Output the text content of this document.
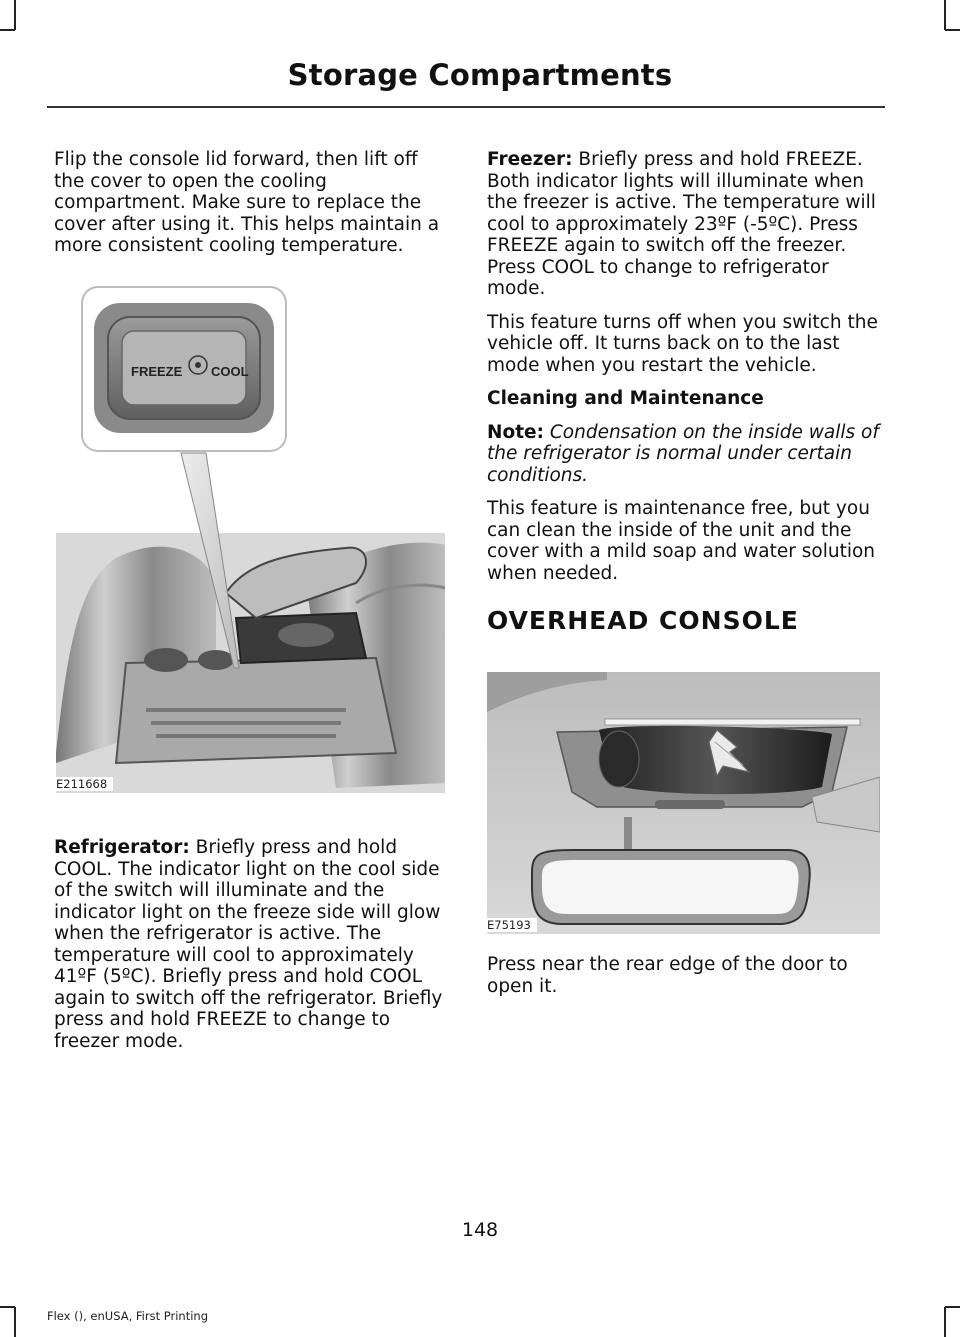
Storage Compartments

Flip the console lid forward, then lift off the cover to open the cooling compartment. Make sure to replace the cover after using it. This helps maintain a more consistent cooling temperature.

FREEZE COOL
E211668

Refrigerator: Briefly press and hold COOL. The indicator light on the cool side of the switch will illuminate and the indicator light on the freeze side will glow when the refrigerator is active. The temperature will cool to approximately 41ºF (5ºC). Briefly press and hold COOL again to switch off the refrigerator. Briefly press and hold FREEZE to change to freezer mode.

Freezer: Briefly press and hold FREEZE. Both indicator lights will illuminate when the freezer is active. The temperature will cool to approximately 23ºF (-5ºC). Press FREEZE again to switch off the freezer. Press COOL to change to refrigerator mode.

This feature turns off when you switch the vehicle off. It turns back on to the last mode when you restart the vehicle.

Cleaning and Maintenance

Note: Condensation on the inside walls of the refrigerator is normal under certain conditions.

This feature is maintenance free, but you can clean the inside of the unit and the cover with a mild soap and water solution when needed.

OVERHEAD CONSOLE
E75193

Press near the rear edge of the door to open it.

148
Flex (), enUSA, First Printing
